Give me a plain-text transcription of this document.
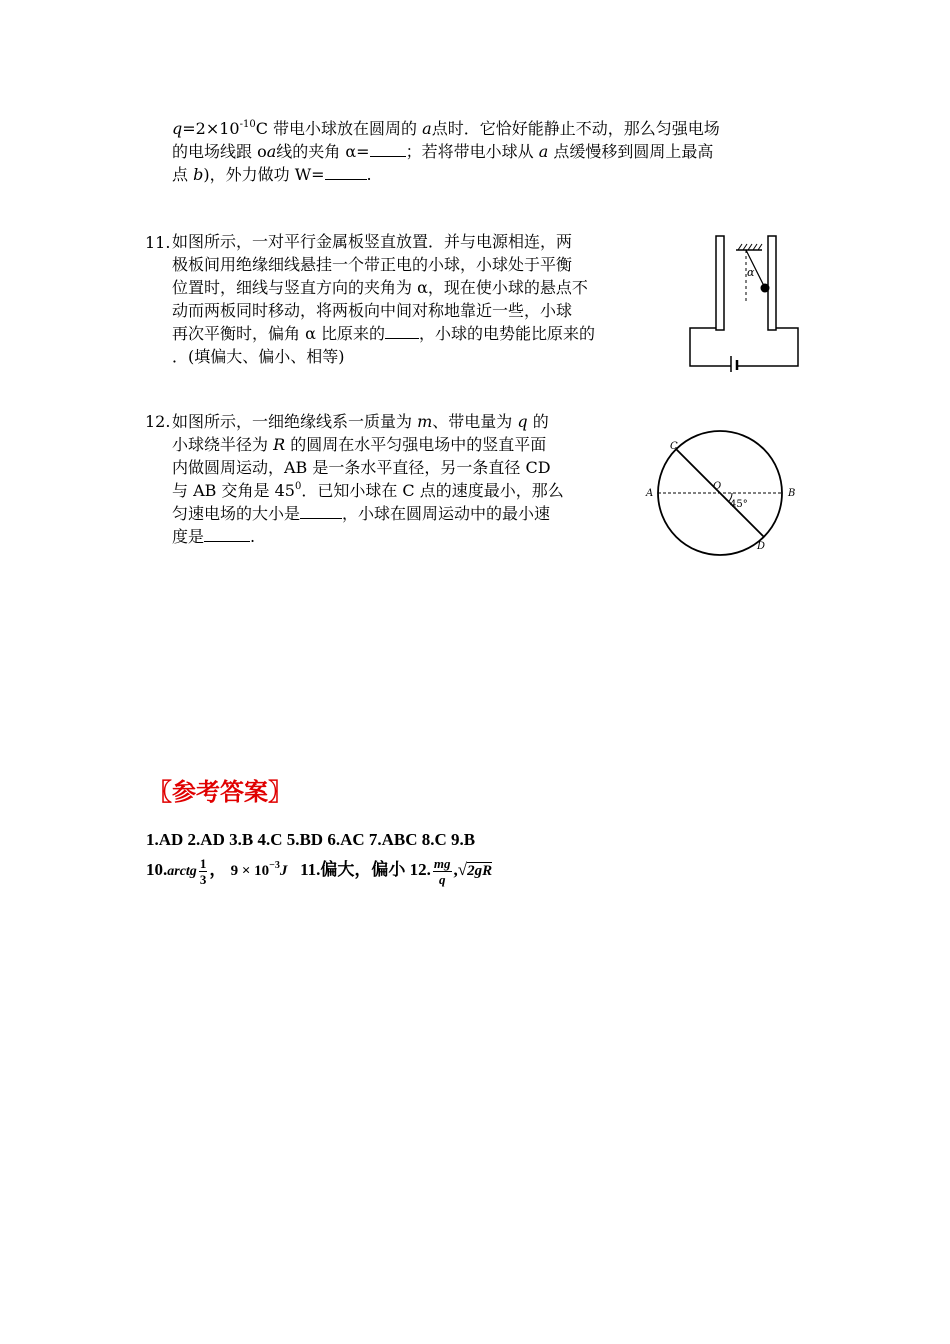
$q=2\times 10^{-10}C$ 带电小球放在圆周的 a点时．它恰好能静止不动，那么匀强电场

的电场线跟 oa线的夹角 α= ；若将带电小球从 a 点缓慢移到圆周上最高

点 b)，外力做功 W=	.

11. 如图所示，一对平行金属板竖直放置．并与电源相连，两

极板间用绝缘细线悬挂一个带正电的小球，小球处于平衡

位置时，细线与竖直方向的夹角为 α，现在使小球的悬点不

动而两板同时移动，将两板向中间对称地靠近一些，小球

再次平衡时，偏角 α 比原来的 ，小球的电势能比原来的

．(填偏大、偏小、相等)

α
12. 如图所示，一细绝缘线系一质量为 m、带电量为 q 的

小球绕半径为 R 的圆周在水平匀强电场中的竖直平面

内做圆周运动，AB 是一条水平直径，另一条直径 CD

与 AB 交角是 $45^0$．已知小球在 C 点的速度最小，那么

匀速电场的大小是	，小球在圆周运动中的最小速

度是	.

A	B
C
D
O
45°
〖参考答案〗
1.AD 2.AD 3.B 4.C 5.BD 6.AC 7.ABC 8.C 9.B
10.arctg $\frac{1}{3}$ ， $9 \times 10^{-3}J$ 11.偏大，偏小 12. $\frac{mg}{q} ,√2gR$
